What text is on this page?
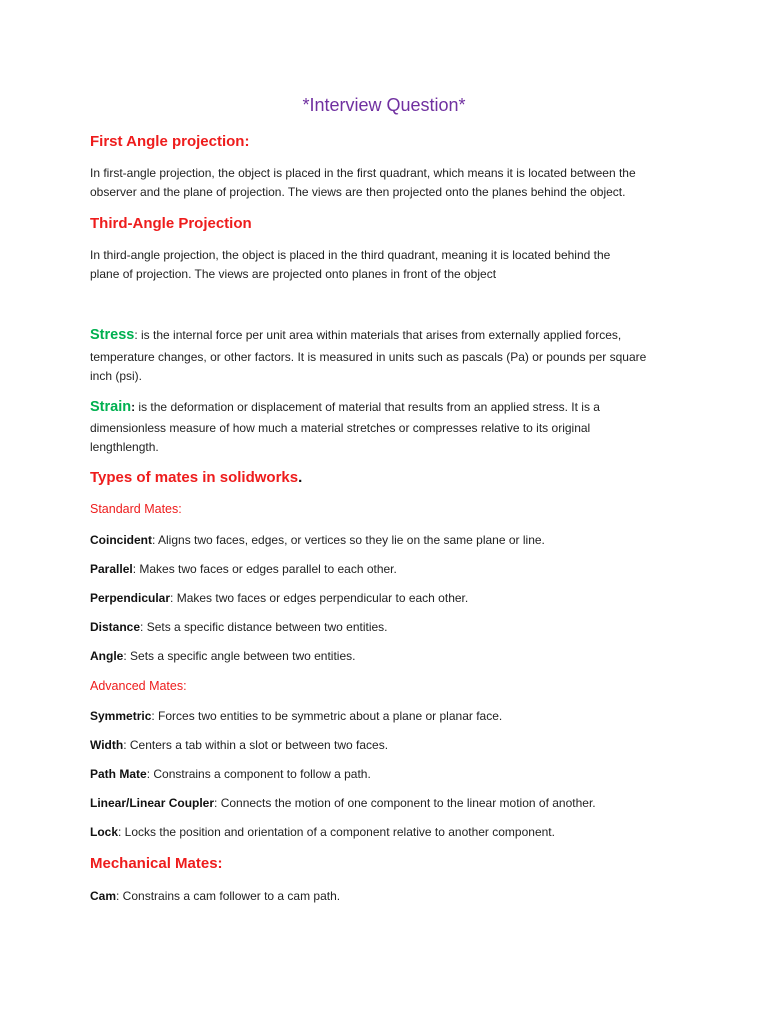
*Interview Question*

First Angle projection:

In first-angle projection, the object is placed in the first quadrant, which means it is located between the

observer and the plane of projection. The views are then projected onto the planes behind the object.

Third-Angle Projection

In third-angle projection, the object is placed in the third quadrant, meaning it is located behind the

plane of projection. The views are projected onto planes in front of the object

Stress: is the internal force per unit area within materials that arises from externally applied forces,

temperature changes, or other factors. It is measured in units such as pascals (Pa) or pounds per square

inch (psi).

Strain: is the deformation or displacement of material that results from an applied stress. It is a

dimensionless measure of how much a material stretches or compresses relative to its original

lengthlength.

Types of mates in solidworks.

Standard Mates:

Coincident: Aligns two faces, edges, or vertices so they lie on the same plane or line.

Parallel: Makes two faces or edges parallel to each other.

Perpendicular: Makes two faces or edges perpendicular to each other.

Distance: Sets a specific distance between two entities.

Angle: Sets a specific angle between two entities.

Advanced Mates:

Symmetric: Forces two entities to be symmetric about a plane or planar face.

Width: Centers a tab within a slot or between two faces.

Path Mate: Constrains a component to follow a path.

Linear/Linear Coupler: Connects the motion of one component to the linear motion of another.

Lock: Locks the position and orientation of a component relative to another component.

Mechanical Mates:

Cam: Constrains a cam follower to a cam path.
